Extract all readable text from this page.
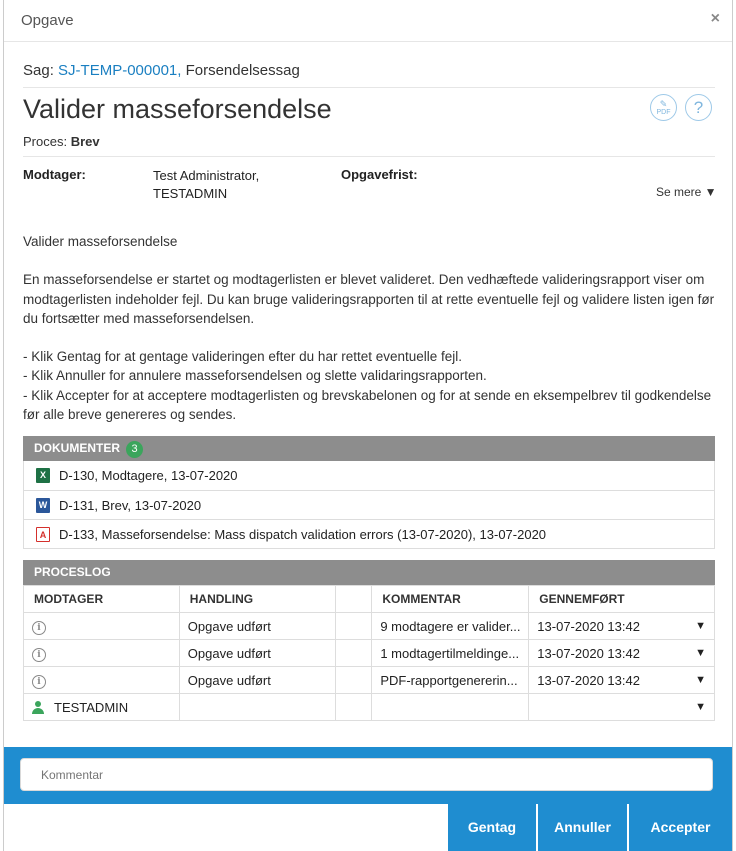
Opgave	×
Sag: SJ-TEMP-000001, Forsendelsessag
Valider masseforsendelse	✎
PDF	?
Proces: Brev
Modtager:	Test Administrator, TESTADMIN
Opgavefrist:
Se mere ▼

Valider masseforsendelse

En masseforsendelse er startet og modtagerlisten er blevet valideret. Den vedhæftede valideringsrapport viser om modtagerlisten indeholder fejl. Du kan bruge valideringsrapporten til at rette eventuelle fejl og validere listen igen før du fortsætter med masseforsendelsen.

- Klik Gentag for at gentage valideringen efter du har rettet eventuelle fejl.
- Klik Annuller for annulere masseforsendelsen og slette validaringsrapporten.
- Klik Accepter for at acceptere modtagerlisten og brevskabelonen og for at sende en eksempelbrev til godkendelse før alle breve genereres og sendes.
DOKUMENTER 3
X	D-130, Modtagere, 13-07-2020
W D-131, Brev, 13-07-2020
A D-133, Masseforsendelse: Mass dispatch validation errors (13-07-2020), 13-07-2020
PROCESLOG
MODTAGER	HANDLING		KOMMENTAR	GENNEMFØRT
i	Opgave udført		9 modtagere er valider...	13-07-2020 13:42 ▼

i	Opgave udført		1 modtagertilmeldinge...	13-07-2020 13:42 ▼

i	Opgave udført		PDF-rapportgenererin...	13-07-2020 13:42 ▼

TESTADMIN				▼
Kommentar
Gentag	Annuller	Accepter
